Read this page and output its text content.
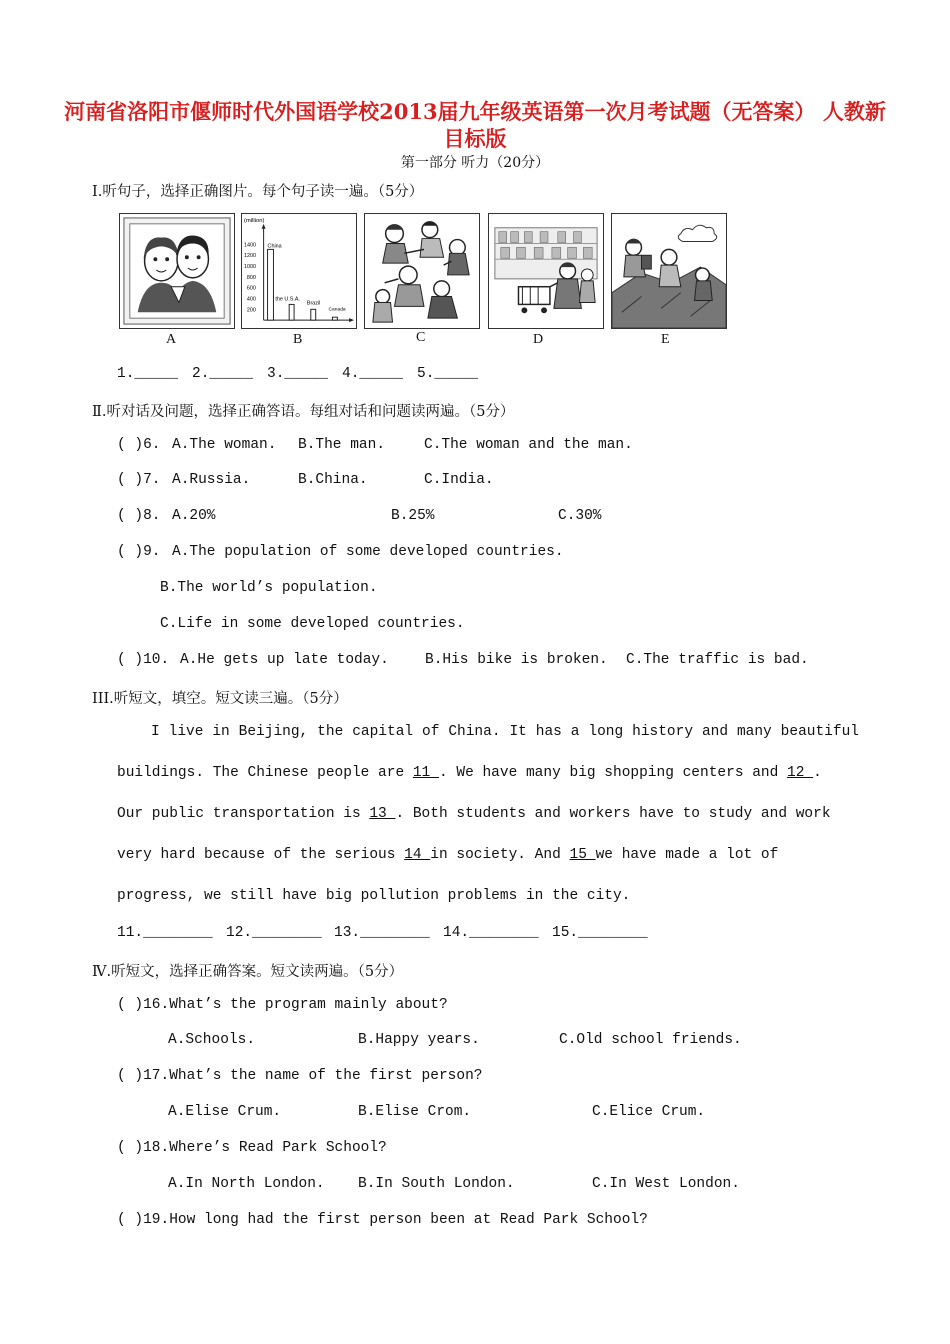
河南省洛阳市偃师时代外国语学校2013届九年级英语第一次月考试题（无答案） 人教新目标版
第一部分 听力（20分）
Ⅰ.听句子，选择正确图片。每个句子读一遍。（5分）
A
(million)
1400
1200
1000
800
600
400
200
China
the U.S.A.
Brazil
Canada
B	C	D	E
1._____ 2._____ 3._____ 4._____ 5._____
Ⅱ.听对话及问题，选择正确答语。每组对话和问题读两遍。（5分）
( )6. A.The woman. B.The man.	C.The woman and the man.
( )7. A.Russia.	B.China.	C.India.
( )8. A.20%	B.25%	C.30%
( )9. A.The population of some developed countries.
B.The world’s population.
C.Life in some developed countries.
( )10. A.He gets up late today. B.His bike is broken. C.The traffic is bad.
III.听短文，填空。短文读三遍。（5分）
I live in Beijing, the capital of China. It has a long history and many beautiful
buildings. The Chinese people are 11 . We have many big shopping centers and 12 .
Our public transportation is 13 . Both students and workers have to study and work
very hard because of the serious 14 in society. And 15 we have made a lot of
progress, we still have big pollution problems in the city.
11.________ 12.________ 13.________ 14.________ 15.________
Ⅳ.听短文，选择正确答案。短文读两遍。（5分）
( )16.What’s the program mainly about?
A.Schools.	B.Happy years.	C.Old school friends.
( )17.What’s the name of the first person?
A.Elise Crum.	B.Elise Crom.	C.Elice Crum.
( )18.Where’s Read Park School?
A.In North London. B.In South London.	C.In West London.
( )19.How long had the first person been at Read Park School?
